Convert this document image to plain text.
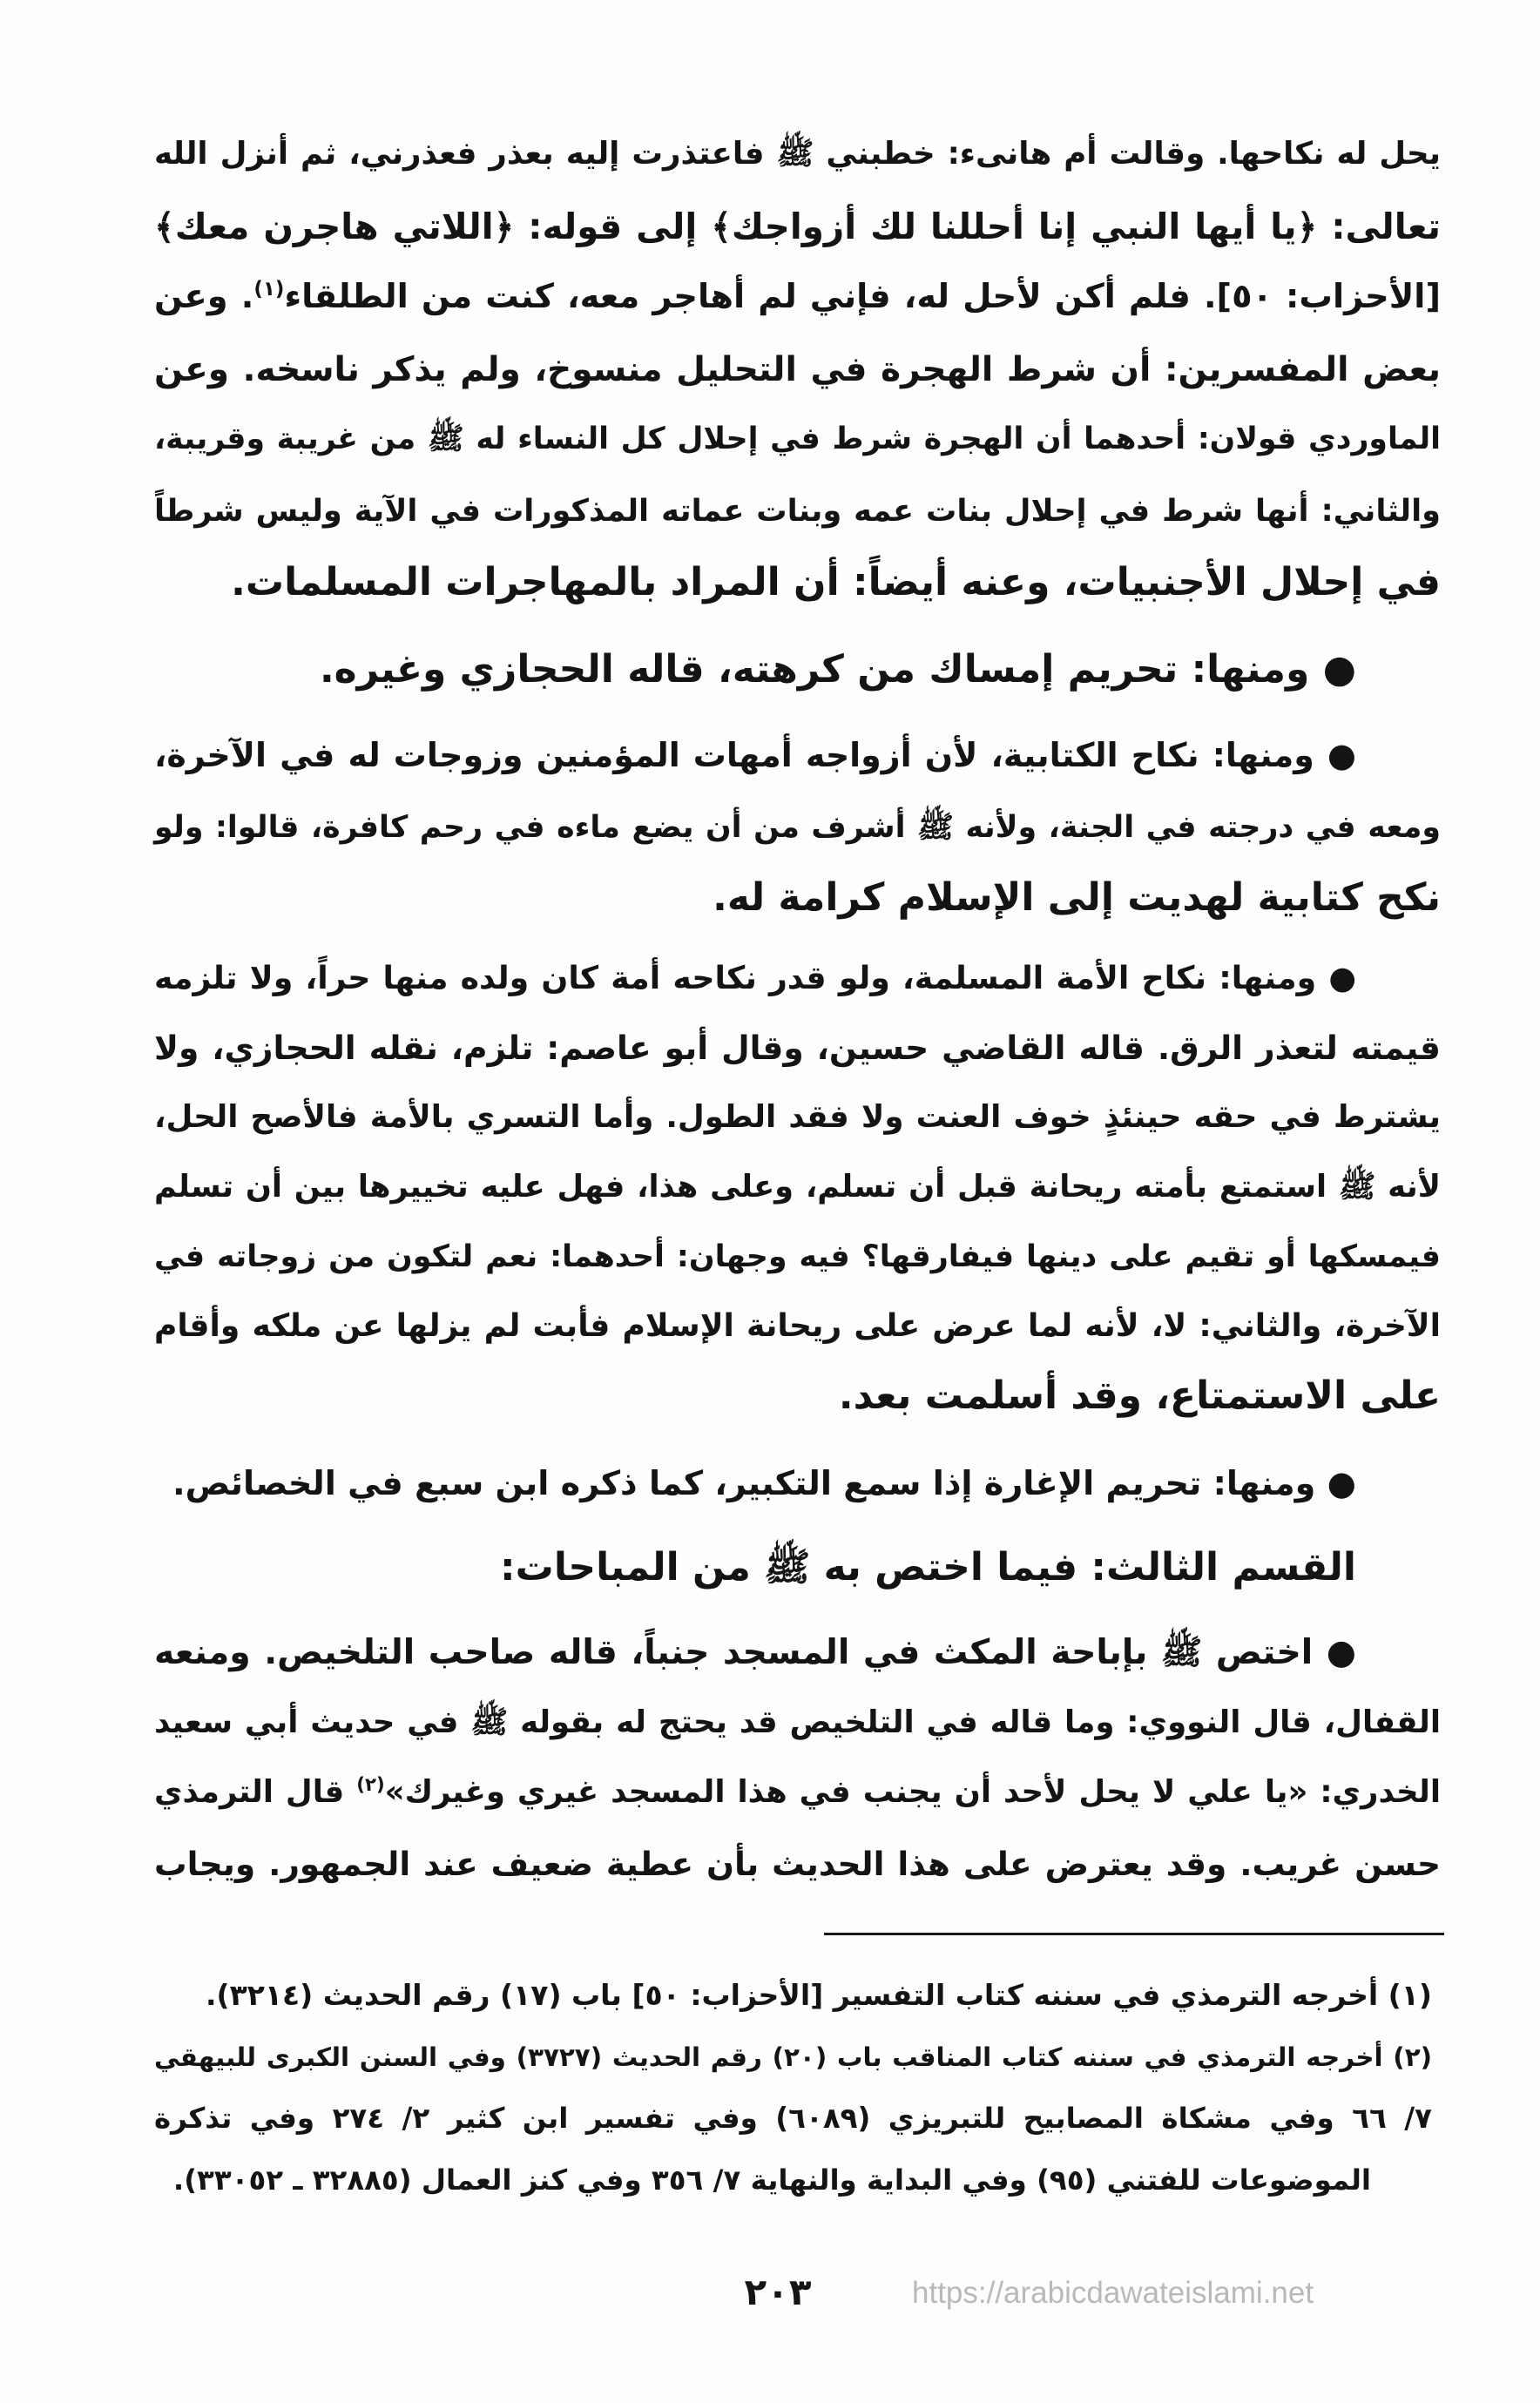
يحل له نكاحها. وقالت أم هانىء: خطبني ﷺ فاعتذرت إليه بعذر فعذرني، ثم أنزل الله
تعالى: ﴿يا أيها النبي إنا أحللنا لك أزواجك﴾ إلى قوله: ﴿اللاتي هاجرن معك﴾
[الأحزاب: ٥٠]. فلم أكن لأحل له، فإني لم أهاجر معه، كنت من الطلقاء$^{(١)}$. وعن
بعض المفسرين: أن شرط الهجرة في التحليل منسوخ، ولم يذكر ناسخه. وعن
الماوردي قولان: أحدهما أن الهجرة شرط في إحلال كل النساء له ﷺ من غريبة وقريبة،
والثاني: أنها شرط في إحلال بنات عمه وبنات عماته المذكورات في الآية وليس شرطاً
في إحلال الأجنبيات، وعنه أيضاً: أن المراد بالمهاجرات المسلمات.
● ومنها: تحريم إمساك من كرهته، قاله الحجازي وغيره.
● ومنها: نكاح الكتابية، لأن أزواجه أمهات المؤمنين وزوجات له في الآخرة،
ومعه في درجته في الجنة، ولأنه ﷺ أشرف من أن يضع ماءه في رحم كافرة، قالوا: ولو
نكح كتابية لهديت إلى الإسلام كرامة له.
● ومنها: نكاح الأمة المسلمة، ولو قدر نكاحه أمة كان ولده منها حراً، ولا تلزمه
قيمته لتعذر الرق. قاله القاضي حسين، وقال أبو عاصم: تلزم، نقله الحجازي، ولا
يشترط في حقه حينئذٍ خوف العنت ولا فقد الطول. وأما التسري بالأمة فالأصح الحل،
لأنه ﷺ استمتع بأمته ريحانة قبل أن تسلم، وعلى هذا، فهل عليه تخييرها بين أن تسلم
فيمسكها أو تقيم على دينها فيفارقها؟ فيه وجهان: أحدهما: نعم لتكون من زوجاته في
الآخرة، والثاني: لا، لأنه لما عرض على ريحانة الإسلام فأبت لم يزلها عن ملكه وأقام
على الاستمتاع، وقد أسلمت بعد.
● ومنها: تحريم الإغارة إذا سمع التكبير، كما ذكره ابن سبع في الخصائص.
القسم الثالث: فيما اختص به ﷺ من المباحات:
● اختص ﷺ بإباحة المكث في المسجد جنباً، قاله صاحب التلخيص. ومنعه
القفال، قال النووي: وما قاله في التلخيص قد يحتج له بقوله ﷺ في حديث أبي سعيد
الخدري: «يا علي لا يحل لأحد أن يجنب في هذا المسجد غيري وغيرك»$^{(٢)}$ قال الترمذي
حسن غريب. وقد يعترض على هذا الحديث بأن عطية ضعيف عند الجمهور. ويجاب
(١) أخرجه الترمذي في سننه كتاب التفسير [الأحزاب: ٥٠] باب (١٧) رقم الحديث (٣٢١٤).
(٢) أخرجه الترمذي في سننه كتاب المناقب باب (٢٠) رقم الحديث (٣٧٢٧) وفي السنن الكبرى للبيهقي
٧/ ٦٦ وفي مشكاة المصابيح للتبريزي (٦٠٨٩) وفي تفسير ابن كثير ٢/ ٢٧٤ وفي تذكرة
الموضوعات للفتني (٩٥) وفي البداية والنهاية ٧/ ٣٥٦ وفي كنز العمال (٣٢٨٨٥ ـ ٣٣٠٥٢).
٢٠٣	https://arabicdawateislami.net
